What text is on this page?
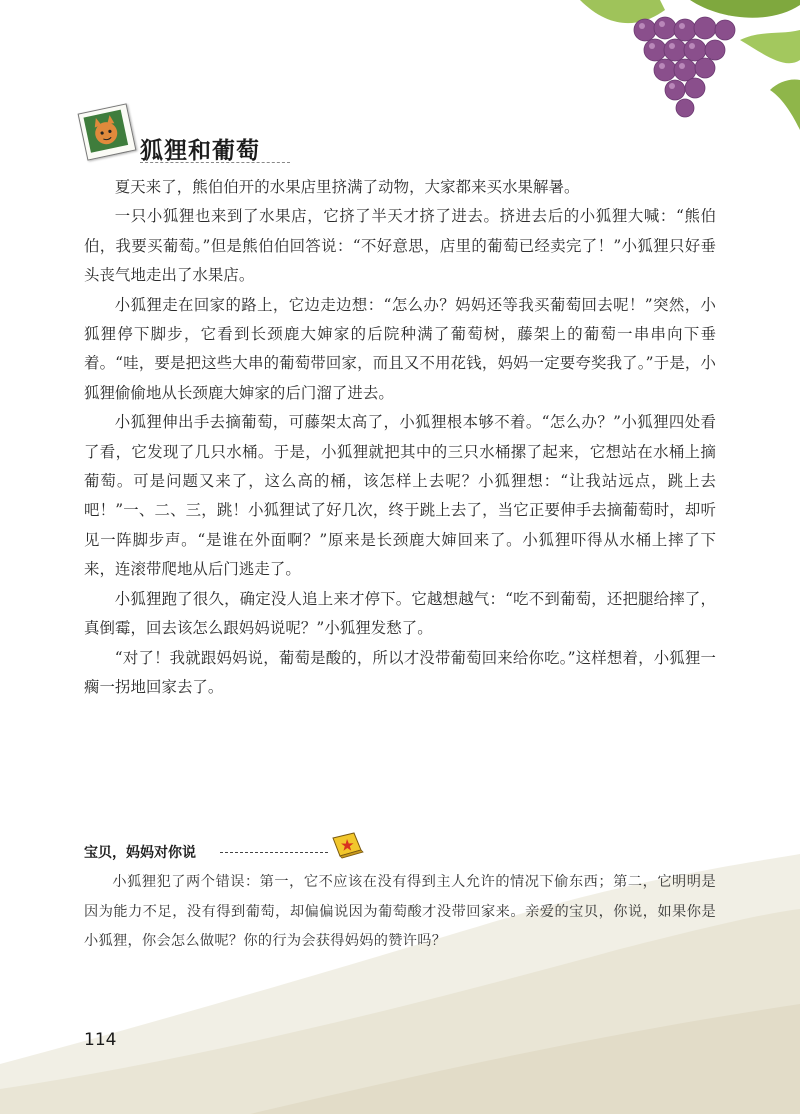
狐狸和葡萄

夏天来了，熊伯伯开的水果店里挤满了动物，大家都来买水果解暑。

一只小狐狸也来到了水果店，它挤了半天才挤了进去。挤进去后的小狐狸大喊：“熊伯伯，我要买葡萄。”但是熊伯伯回答说：“不好意思，店里的葡萄已经卖完了！”小狐狸只好垂头丧气地走出了水果店。

小狐狸走在回家的路上，它边走边想：“怎么办？妈妈还等我买葡萄回去呢！”突然，小狐狸停下脚步，它看到长颈鹿大婶家的后院种满了葡萄树，藤架上的葡萄一串串向下垂着。“哇，要是把这些大串的葡萄带回家，而且又不用花钱，妈妈一定要夸奖我了。”于是，小狐狸偷偷地从长颈鹿大婶家的后门溜了进去。

小狐狸伸出手去摘葡萄，可藤架太高了，小狐狸根本够不着。“怎么办？”小狐狸四处看了看，它发现了几只水桶。于是，小狐狸就把其中的三只水桶摞了起来，它想站在水桶上摘葡萄。可是问题又来了，这么高的桶，该怎样上去呢？小狐狸想：“让我站远点，跳上去吧！”一、二、三，跳！小狐狸试了好几次，终于跳上去了，当它正要伸手去摘葡萄时，却听见一阵脚步声。“是谁在外面啊？”原来是长颈鹿大婶回来了。小狐狸吓得从水桶上摔了下来，连滚带爬地从后门逃走了。

小狐狸跑了很久，确定没人追上来才停下。它越想越气：“吃不到葡萄，还把腿给摔了，真倒霉，回去该怎么跟妈妈说呢？”小狐狸发愁了。

“对了！我就跟妈妈说，葡萄是酸的，所以才没带葡萄回来给你吃。”这样想着，小狐狸一瘸一拐地回家去了。

宝贝，妈妈对你说

小狐狸犯了两个错误：第一，它不应该在没有得到主人允许的情况下偷东西；第二，它明明是因为能力不足，没有得到葡萄，却偏偏说因为葡萄酸才没带回家来。亲爱的宝贝，你说，如果你是小狐狸，你会怎么做呢？你的行为会获得妈妈的赞许吗？

114
